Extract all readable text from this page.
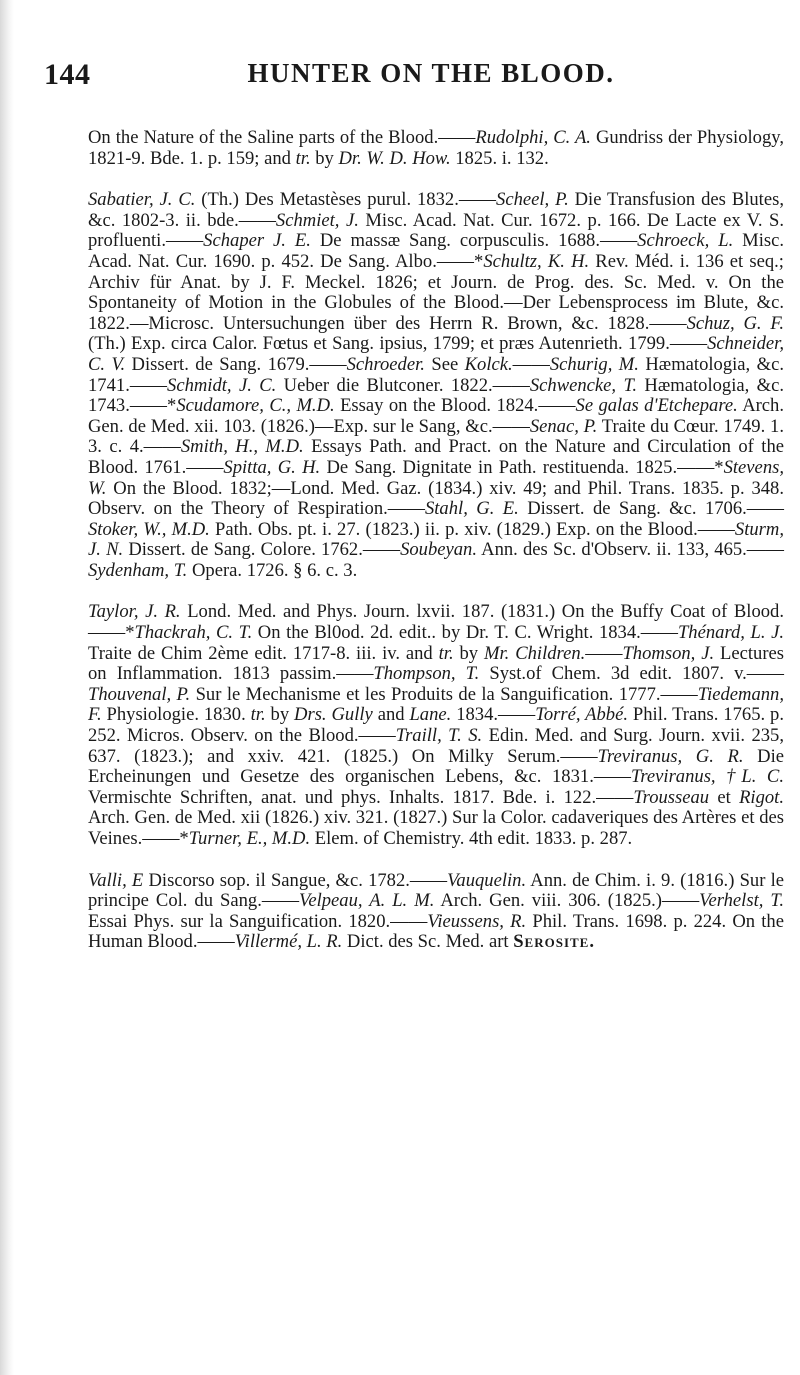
144	HUNTER ON THE BLOOD.

On the Nature of the Saline parts of the Blood.——Rudolphi, C. A. Gundriss der Physiology, 1821-9. Bde. 1. p. 159; and tr. by Dr. W. D. How. 1825. i. 132.

Sabatier, J. C. (Th.) Des Metastèses purul. 1832.——Scheel, P. Die Transfusion des Blutes, &c. 1802-3. ii. bde.——Schmiet, J. Misc. Acad. Nat. Cur. 1672. p. 166. De Lacte ex V. S. profluenti.——Schaper J. E. De massæ Sang. corpusculis. 1688.——Schroeck, L. Misc. Acad. Nat. Cur. 1690. p. 452. De Sang. Albo.——*Schultz, K. H. Rev. Méd. i. 136 et seq.; Archiv für Anat. by J. F. Meckel. 1826; et Journ. de Prog. des. Sc. Med. v. On the Spontaneity of Motion in the Globules of the Blood.—Der Lebensprocess im Blute, &c. 1822.—Microsc. Untersuchungen über des Herrn R. Brown, &c. 1828.——Schuz, G. F. (Th.) Exp. circa Calor. Fœtus et Sang. ipsius, 1799; et præs Autenrieth. 1799.——Schneider, C. V. Dissert. de Sang. 1679.——Schroeder. See Kolck.——Schurig, M. Hæmatologia, &c. 1741.——Schmidt, J. C. Ueber die Blutconer. 1822.——Schwencke, T. Hæmatologia, &c. 1743.——*Scudamore, C., M.D. Essay on the Blood. 1824.——Se galas d'Etchepare. Arch. Gen. de Med. xii. 103. (1826.)—Exp. sur le Sang, &c.——Senac, P. Traite du Cœur. 1749. 1. 3. c. 4.——Smith, H., M.D. Essays Path. and Pract. on the Nature and Circulation of the Blood. 1761.——Spitta, G. H. De Sang. Dignitate in Path. restituenda. 1825.——*Stevens, W. On the Blood. 1832;—Lond. Med. Gaz. (1834.) xiv. 49; and Phil. Trans. 1835. p. 348. Observ. on the Theory of Respiration.——Stahl, G. E. Dissert. de Sang. &c. 1706.——Stoker, W., M.D. Path. Obs. pt. i. 27. (1823.) ii. p. xiv. (1829.) Exp. on the Blood.——Sturm, J. N. Dissert. de Sang. Colore. 1762.——Soubeyan. Ann. des Sc. d'Observ. ii. 133, 465.——Sydenham, T. Opera. 1726. § 6. c. 3.

Taylor, J. R. Lond. Med. and Phys. Journ. lxvii. 187. (1831.) On the Buffy Coat of Blood.——*Thackrah, C. T. On the Bl0od. 2d. edit.. by Dr. T. C. Wright. 1834.——Thénard, L. J. Traite de Chim 2ème edit. 1717-8. iii. iv. and tr. by Mr. Children.——Thomson, J. Lectures on Inflammation. 1813 passim.——Thompson, T. Syst.of Chem. 3d edit. 1807. v.——Thouvenal, P. Sur le Mechanisme et les Produits de la Sanguification. 1777.——Tiedemann, F. Physiologie. 1830. tr. by Drs. Gully and Lane. 1834.——Torré, Abbé. Phil. Trans. 1765. p. 252. Micros. Observ. on the Blood.——Traill, T. S. Edin. Med. and Surg. Journ. xvii. 235, 637. (1823.); and xxiv. 421. (1825.) On Milky Serum.——Treviranus, G. R. Die Ercheinungen und Gesetze des organischen Lebens, &c. 1831.——Treviranus, †L. C. Vermischte Schriften, anat. und phys. Inhalts. 1817. Bde. i. 122.——Trousseau et Rigot. Arch. Gen. de Med. xii (1826.) xiv. 321. (1827.) Sur la Color. cadaveriques des Artères et des Veines.——*Turner, E., M.D. Elem. of Chemistry. 4th edit. 1833. p. 287.

Valli, E Discorso sop. il Sangue, &c. 1782.——Vauquelin. Ann. de Chim. i. 9. (1816.) Sur le principe Col. du Sang.——Velpeau, A. L. M. Arch. Gen. viii. 306. (1825.)——Verhelst, T. Essai Phys. sur la Sanguification. 1820.——Vieussens, R. Phil. Trans. 1698. p. 224. On the Human Blood.——Villermé, L. R. Dict. des Sc. Med. art Serosite.
